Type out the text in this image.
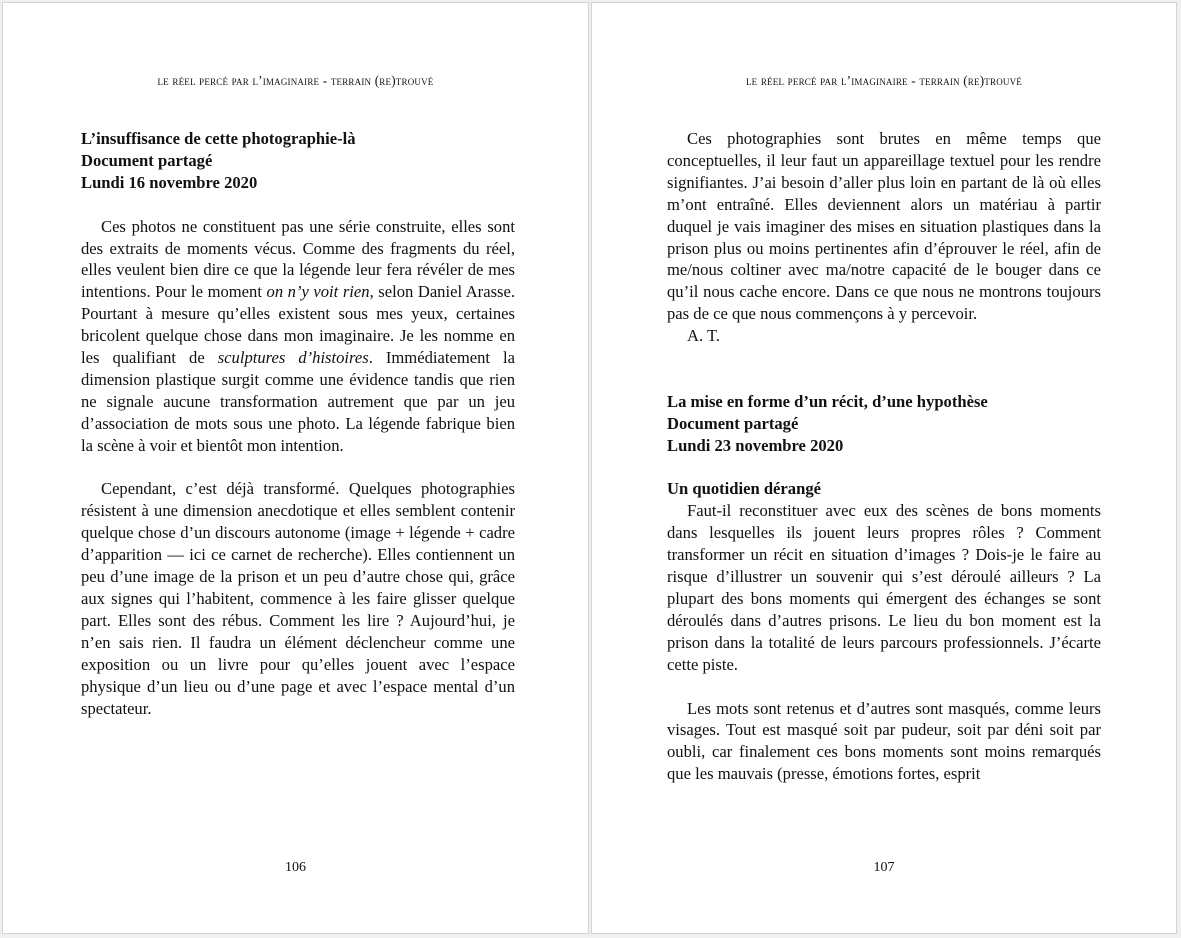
le réel percé par l’imaginaire - terrain (re)trouvé
L’insuffisance de cette photographie-là
Document partagé
Lundi 16 novembre 2020
Ces photos ne constituent pas une série construite, elles sont des extraits de moments vécus. Comme des fragments du réel, elles veulent bien dire ce que la légende leur fera révéler de mes intentions. Pour le moment on n’y voit rien, selon Daniel Arasse. Pourtant à mesure qu’elles existent sous mes yeux, certaines bricolent quelque chose dans mon imaginaire. Je les nomme en les qualifiant de sculptures d’histoires. Immédiatement la dimension plastique surgit comme une évidence tandis que rien ne signale aucune transformation autrement que par un jeu d’association de mots sous une photo. La légende fabrique bien la scène à voir et bientôt mon intention.
Cependant, c’est déjà transformé. Quelques photographies résistent à une dimension anecdotique et elles semblent contenir quelque chose d’un discours autonome (image + légende + cadre d’apparition — ici ce carnet de recherche). Elles contiennent un peu d’une image de la prison et un peu d’autre chose qui, grâce aux signes qui l’habitent, commence à les faire glisser quelque part. Elles sont des rébus. Comment les lire ? Aujourd’hui, je n’en sais rien. Il faudra un élément déclencheur comme une exposition ou un livre pour qu’elles jouent avec l’espace physique d’un lieu ou d’une page et avec l’espace mental d’un spectateur.
106
le réel percé par l’imaginaire - terrain (re)trouvé
Ces photographies sont brutes en même temps que conceptuelles, il leur faut un appareillage textuel pour les rendre signifiantes. J’ai besoin d’aller plus loin en partant de là où elles m’ont entraîné. Elles deviennent alors un matériau à partir duquel je vais imaginer des mises en situation plastiques dans la prison plus ou moins pertinentes afin d’éprouver le réel, afin de me/nous coltiner avec ma/notre capacité de le bouger dans ce qu’il nous cache encore. Dans ce que nous ne montrons toujours pas de ce que nous commençons à y percevoir.
A. T.
La mise en forme d’un récit, d’une hypothèse
Document partagé
Lundi 23 novembre 2020
Un quotidien dérangé
Faut-il reconstituer avec eux des scènes de bons moments dans lesquelles ils jouent leurs propres rôles ? Comment transformer un récit en situation d’images ? Dois-je le faire au risque d’illustrer un souvenir qui s’est déroulé ailleurs ? La plupart des bons moments qui émergent des échanges se sont déroulés dans d’autres prisons. Le lieu du bon moment est la prison dans la totalité de leurs parcours professionnels. J’écarte cette piste.
Les mots sont retenus et d’autres sont masqués, comme leurs visages. Tout est masqué soit par pudeur, soit par déni soit par oubli, car finalement ces bons moments sont moins remarqués que les mauvais (presse, émotions fortes, esprit
107
